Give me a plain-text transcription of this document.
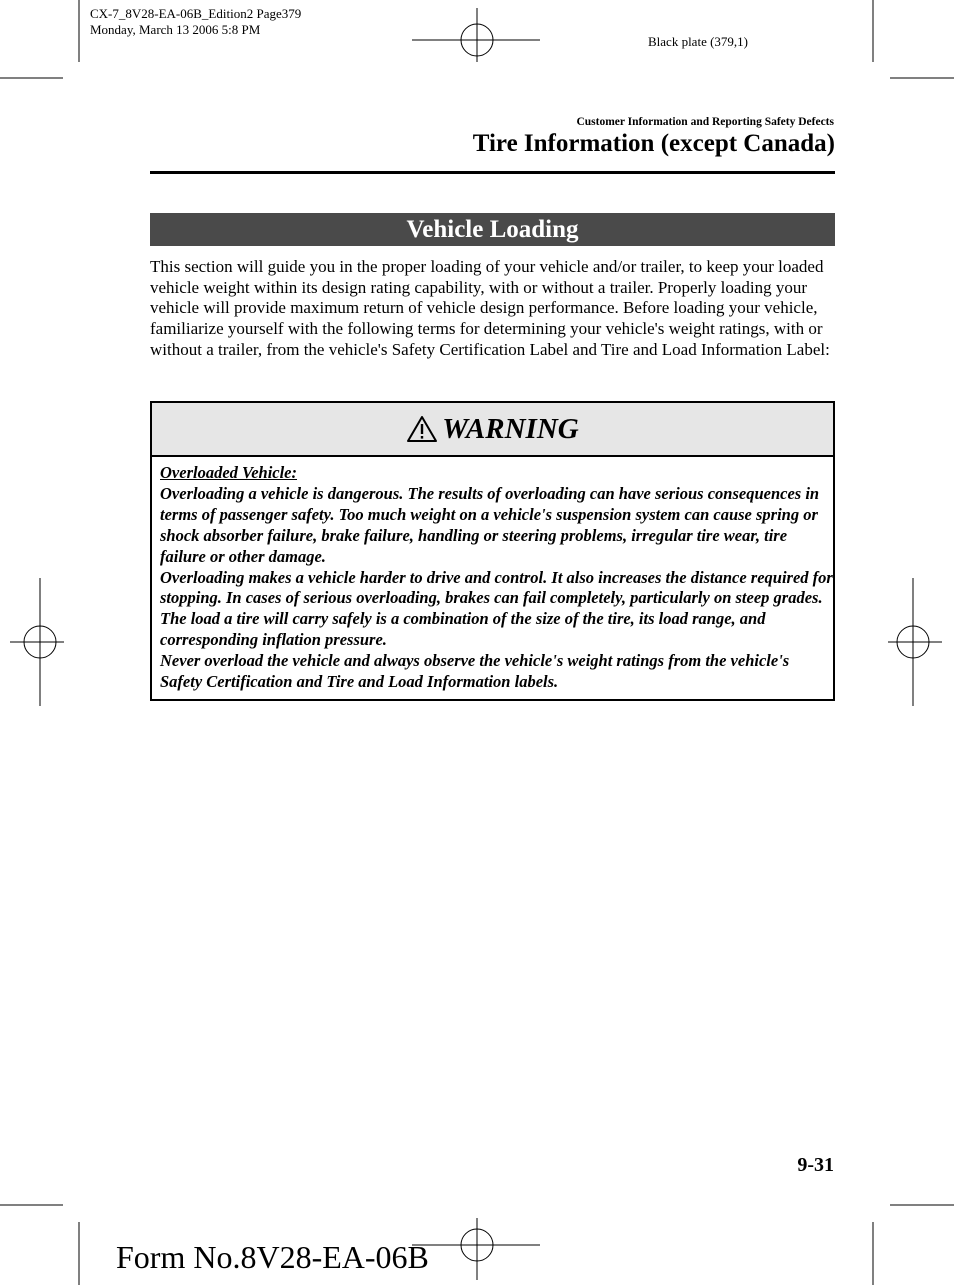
CX-7_8V28-EA-06B_Edition2 Page379
Monday, March 13 2006 5:8 PM
Black plate (379,1)
Customer Information and Reporting Safety Defects
Tire Information (except Canada)
Vehicle Loading

This section will guide you in the proper loading of your vehicle and/or trailer, to keep your loaded vehicle weight within its design rating capability, with or without a trailer. Properly loading your vehicle will provide maximum return of vehicle design performance. Before loading your vehicle, familiarize yourself with the following terms for determining your vehicle's weight ratings, with or without a trailer, from the vehicle's Safety Certification Label and Tire and Load Information Label:

WARNING
Overloaded Vehicle:
Overloading a vehicle is dangerous. The results of overloading can have serious consequences in terms of passenger safety. Too much weight on a vehicle's suspension system can cause spring or shock absorber failure, brake failure, handling or steering problems, irregular tire wear, tire failure or other damage.
Overloading makes a vehicle harder to drive and control. It also increases the distance required for stopping. In cases of serious overloading, brakes can fail completely, particularly on steep grades. The load a tire will carry safely is a combination of the size of the tire, its load range, and corresponding inflation pressure.
Never overload the vehicle and always observe the vehicle's weight ratings from the vehicle's Safety Certification and Tire and Load Information labels.
9-31
Form No.8V28-EA-06B
